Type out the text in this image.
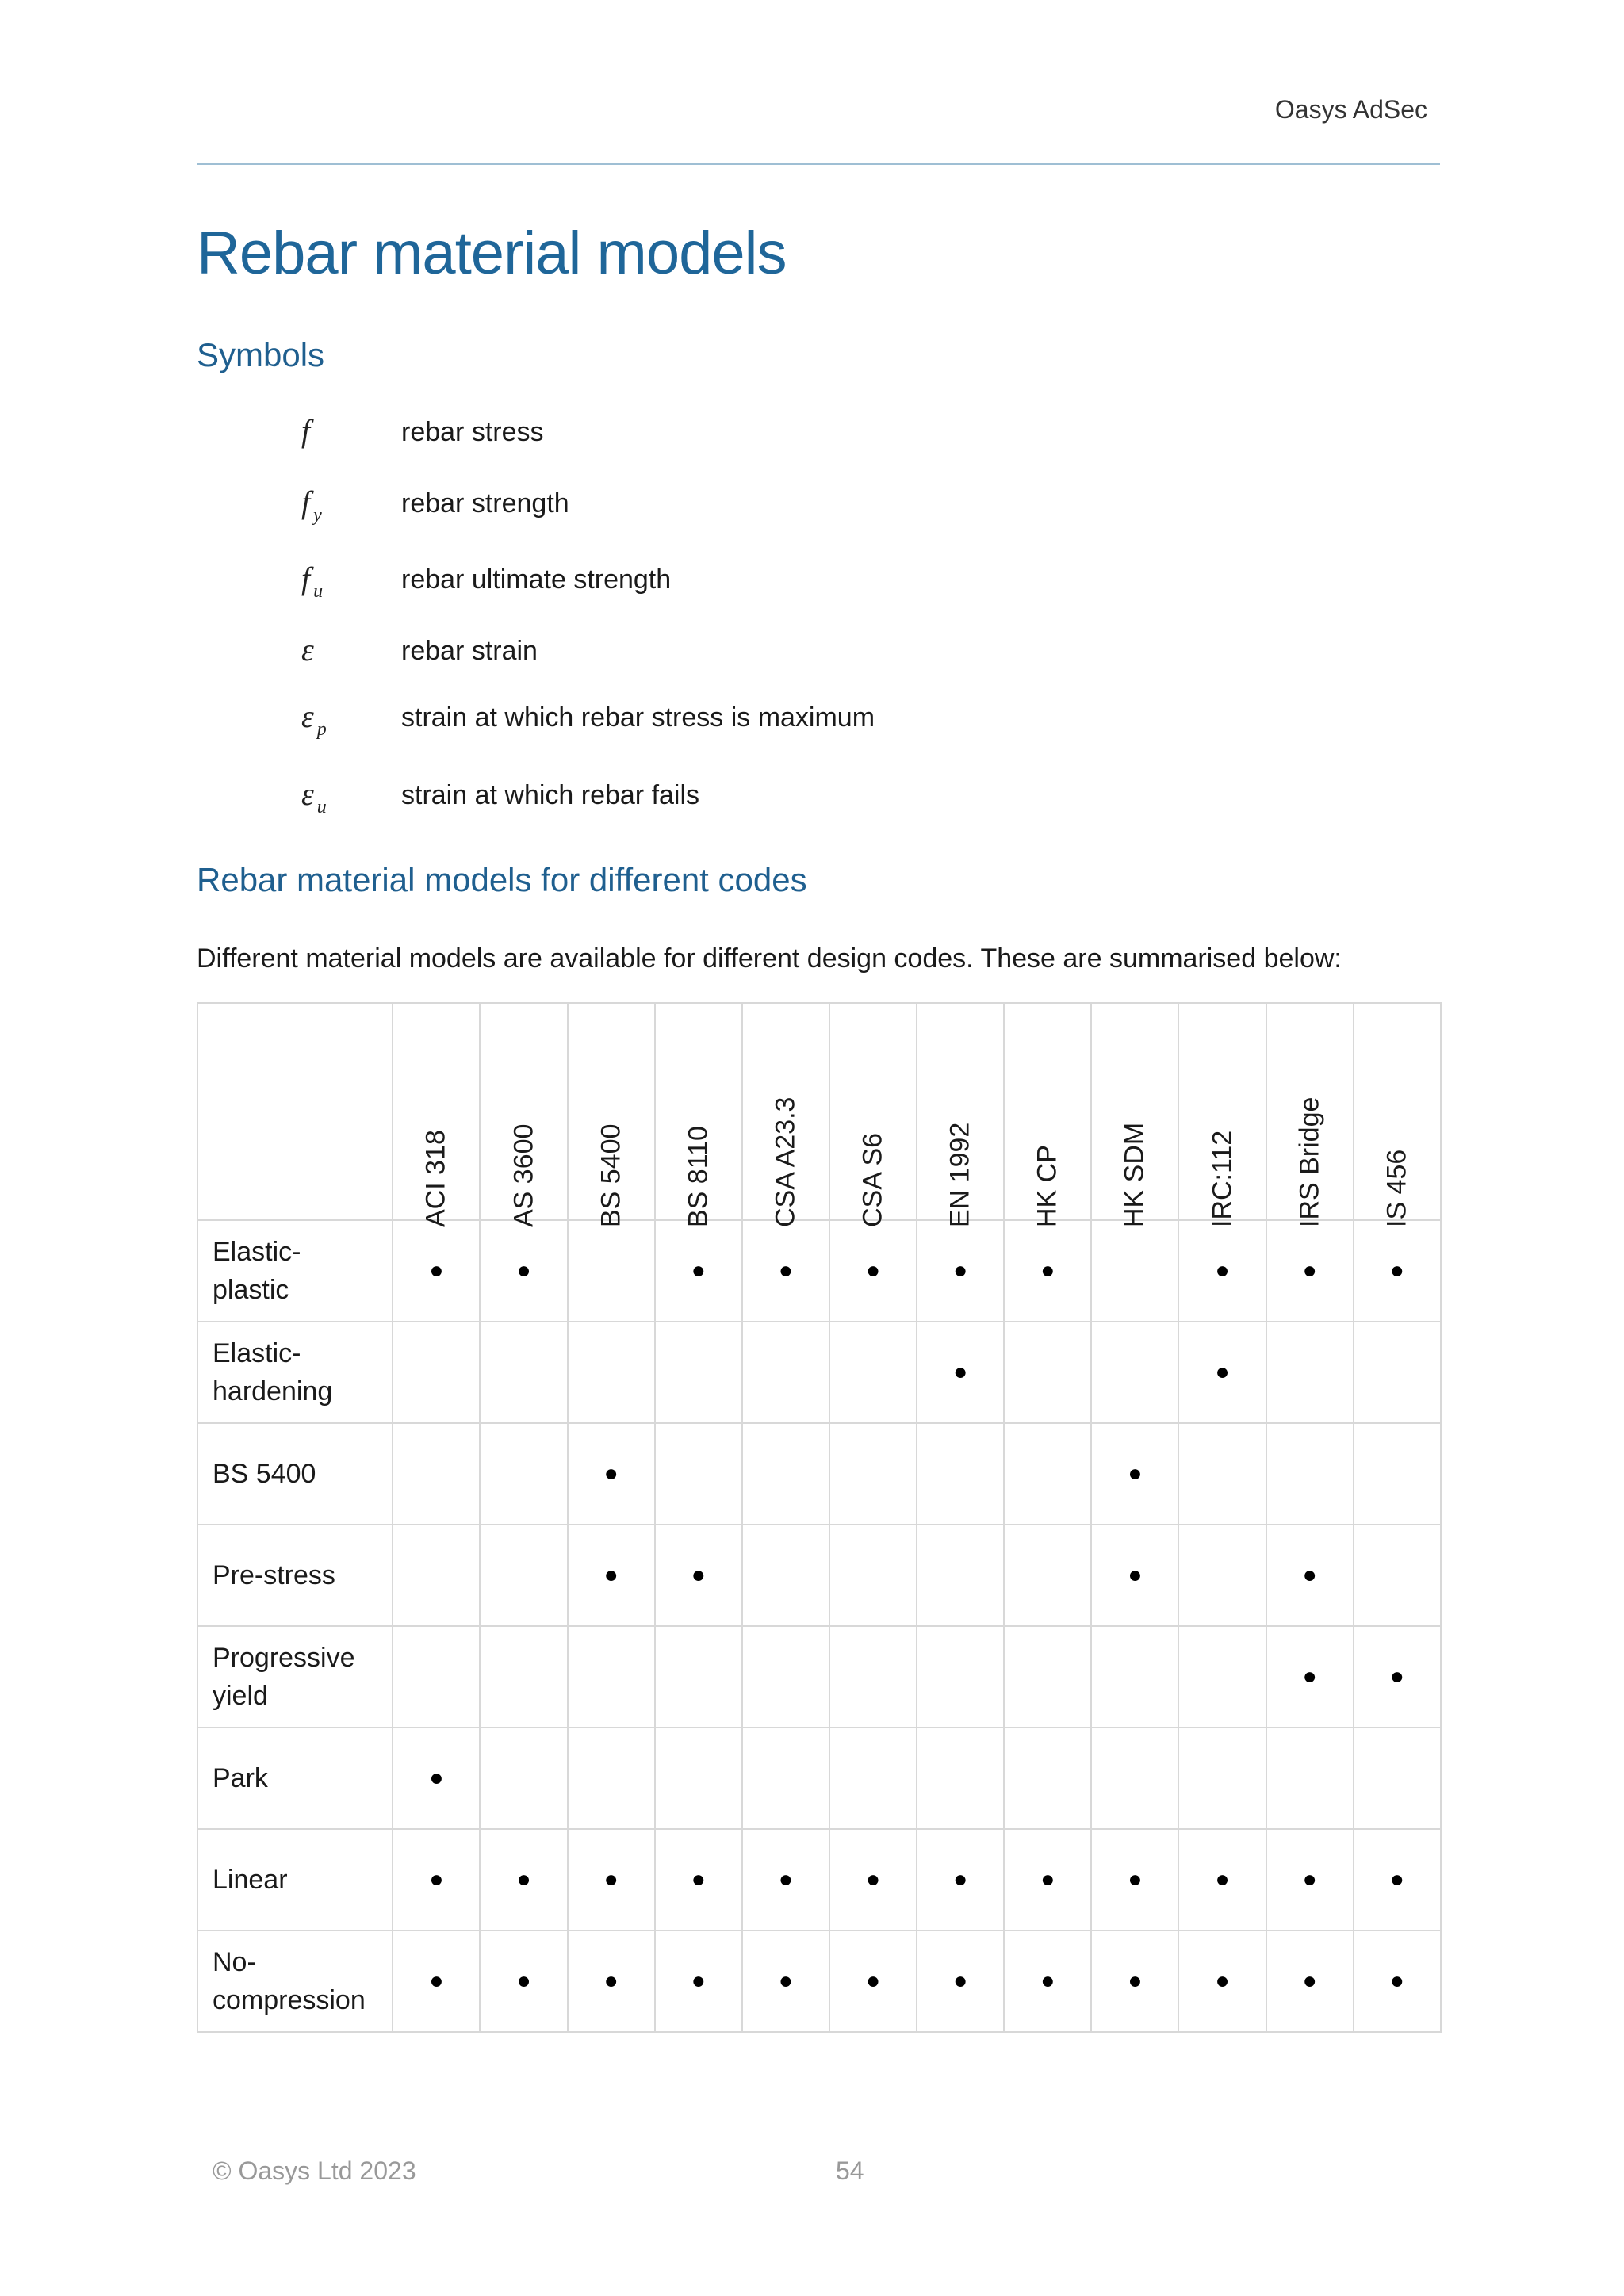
Oasys AdSec
Rebar material models
Symbols
f	rebar stress
f $_y$	rebar strength
f $_u$	rebar ultimate strength
ε	rebar strain
ε $_p$	strain at which rebar stress is maximum
ε $_u$	strain at which rebar fails
Rebar material models for different codes
Different material models are available for different design codes. These are summarised below:

	ACI 318	AS 3600	BS 5400	BS 8110	CSA A23.3	CSA S6	EN 1992	HK CP	HK SDM	IRC:112	IRS Bridge	IS 456

Elastic-
plastic	●	●		●	●	●	●	●		●	●	●
Elastic-
hardening							●			●		
BS 5400			●						●			
Pre-stress			●	●					●		●	
Progressive
yield											●	●
Park	●											
Linear	●	●	●	●	●	●	●	●	●	●	●	●
No-
compression	●	●	●	●	●	●	●	●	●	●	●	●
© Oasys Ltd 2023	54
